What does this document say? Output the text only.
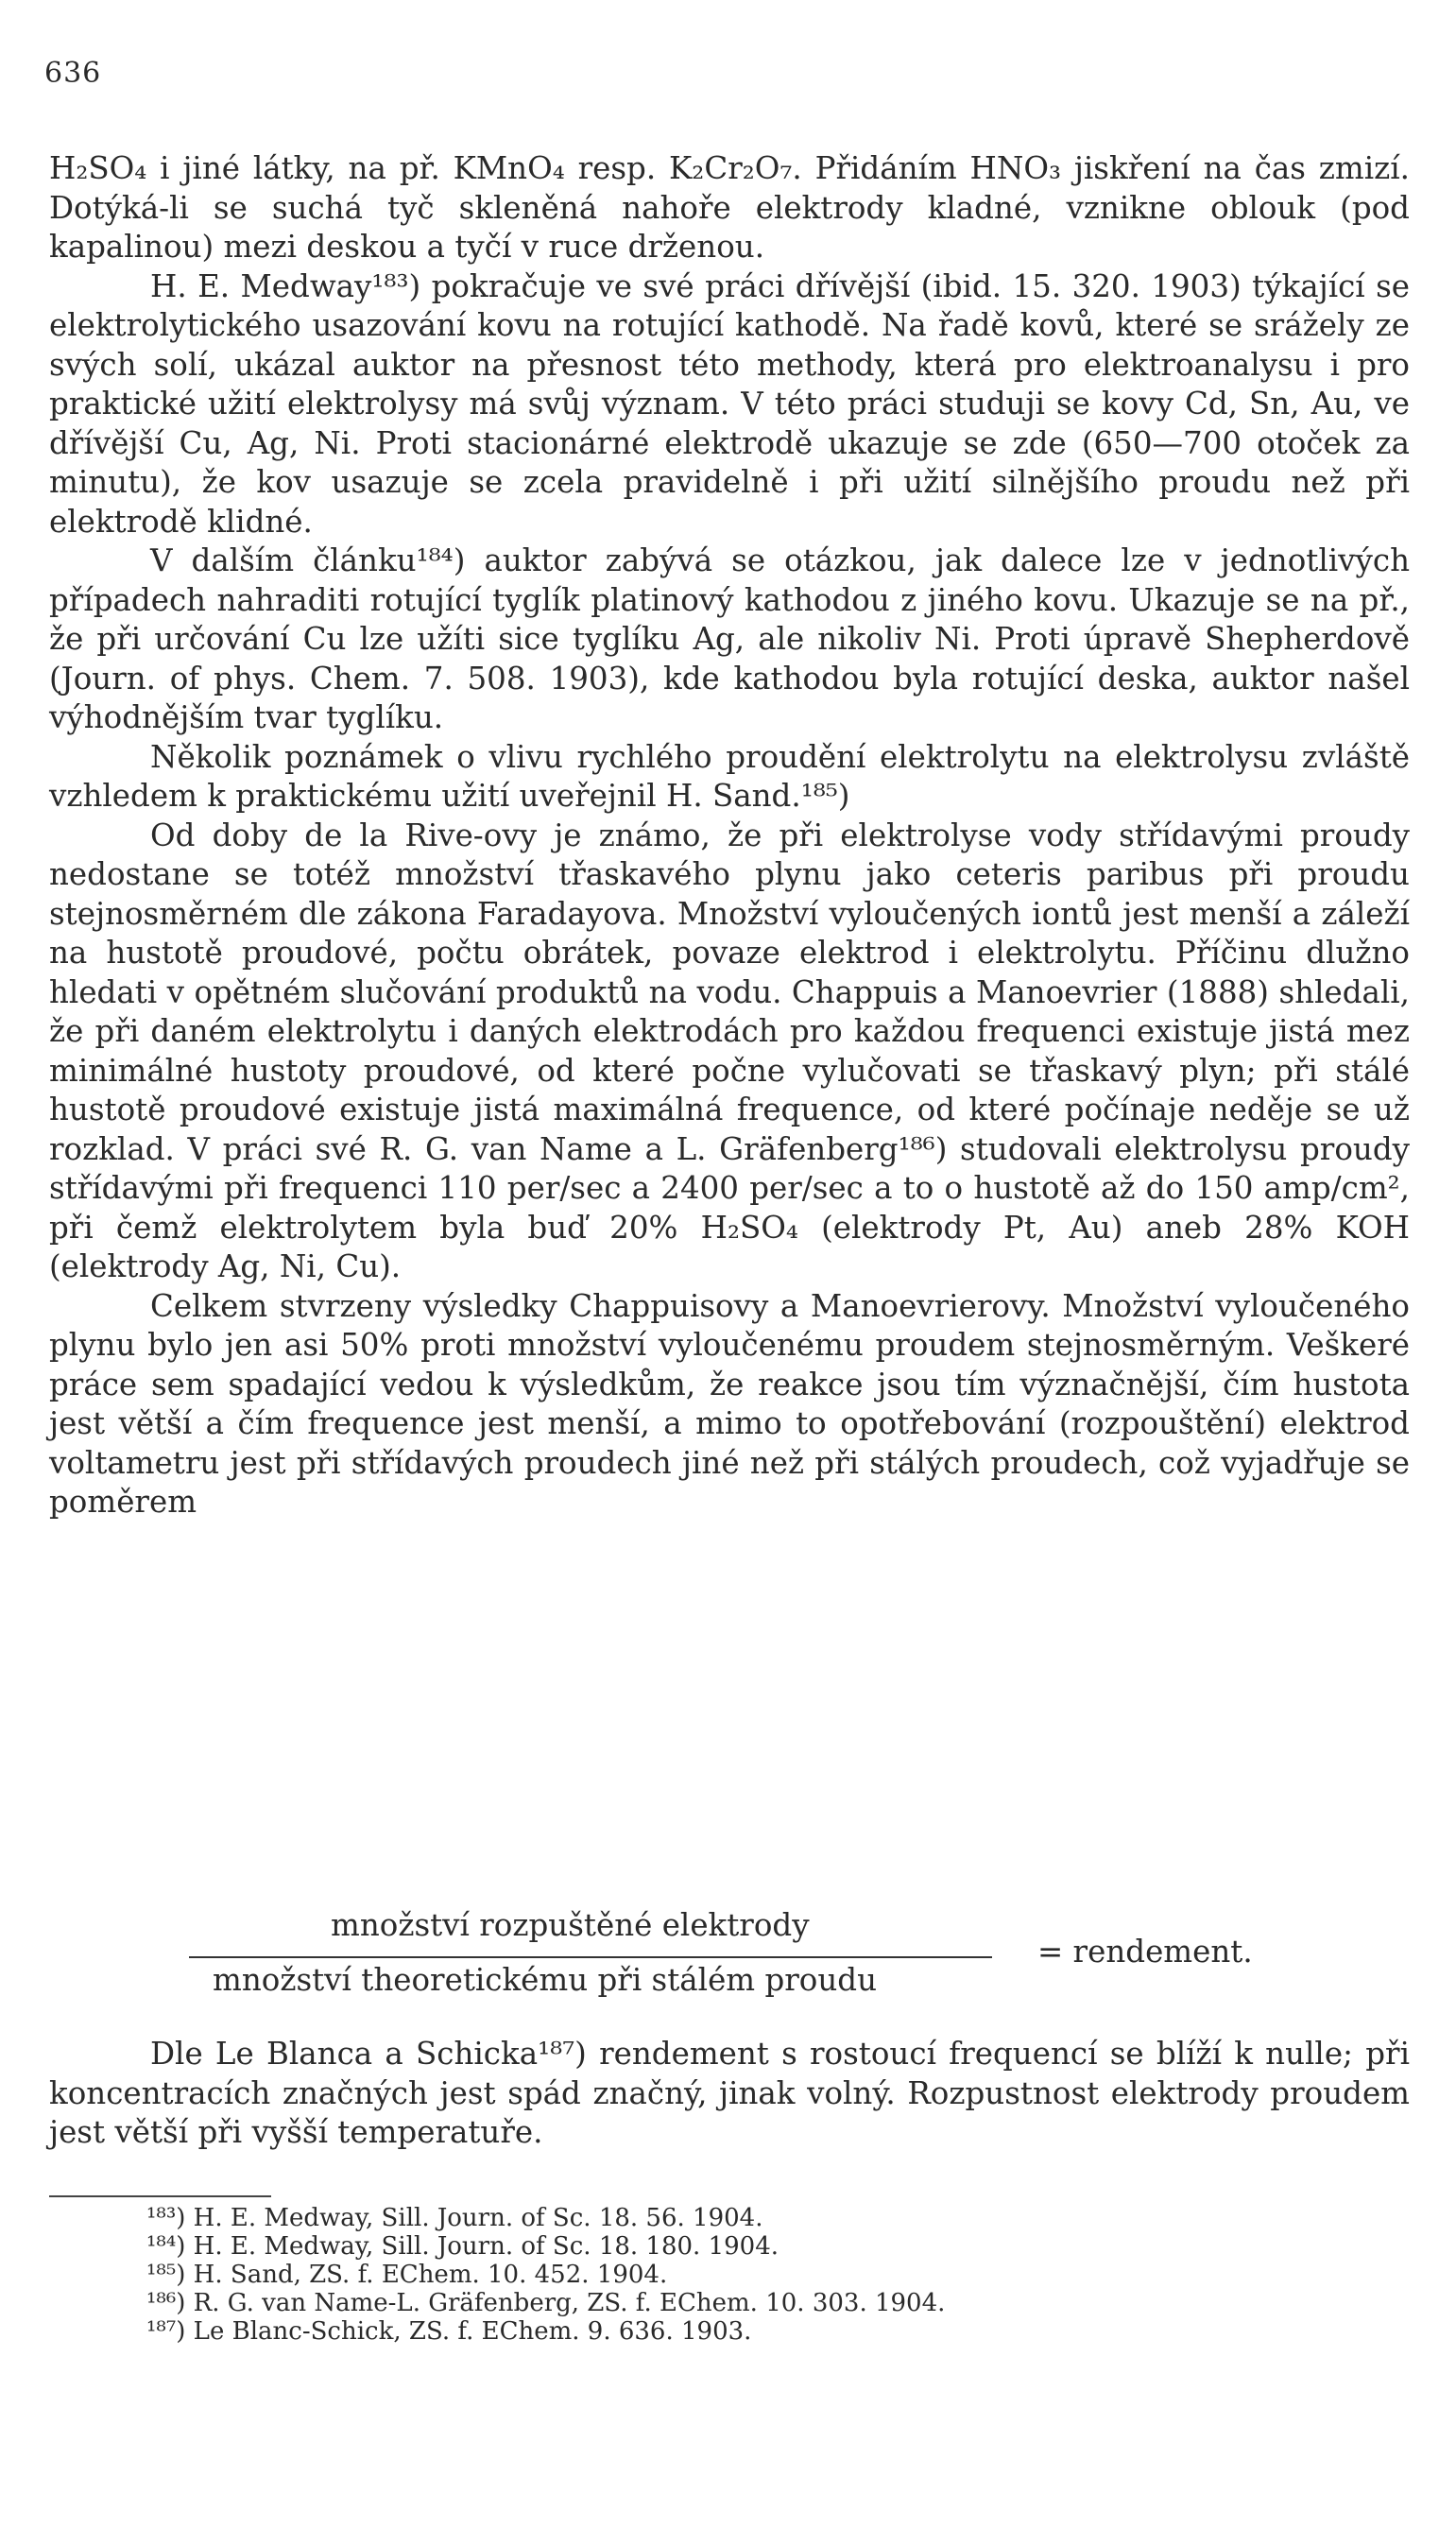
636

H₂SO₄ i jiné látky, na př. KMnO₄ resp. K₂Cr₂O₇. Přidáním HNO₃ jiskření na čas zmizí. Dotýká-li se suchá tyč skleněná nahoře elektrody kladné, vznikne oblouk (pod kapalinou) mezi deskou a tyčí v ruce drženou.

H. E. Medway¹⁸³) pokračuje ve své práci dřívější (ibid. 15. 320. 1903) týkající se elektrolytického usazování kovu na rotující kathodě. Na řadě kovů, které se srážely ze svých solí, ukázal auktor na přesnost této methody, která pro elektroanalysu i pro praktické užití elektrolysy má svůj význam. V této práci studuji se kovy Cd, Sn, Au, ve dřívější Cu, Ag, Ni. Proti stacionárné elektrodě ukazuje se zde (650—700 otoček za minutu), že kov usazuje se zcela pravidelně i při užití silnějšího proudu než při elektrodě klidné.

V dalším článku¹⁸⁴) auktor zabývá se otázkou, jak dalece lze v jednotlivých případech nahraditi rotující tyglík platinový kathodou z jiného kovu. Ukazuje se na př., že při určování Cu lze užíti sice tyglíku Ag, ale nikoliv Ni. Proti úpravě Shepherdově (Journ. of phys. Chem. 7. 508. 1903), kde kathodou byla rotující deska, auktor našel výhodnějším tvar tyglíku.

Několik poznámek o vlivu rychlého proudění elektrolytu na elektrolysu zvláště vzhledem k praktickému užití uveřejnil H. Sand.¹⁸⁵)

Od doby de la Rive-ovy je známo, že při elektrolyse vody střídavými proudy nedostane se totéž množství třaskavého plynu jako ceteris paribus při proudu stejnosměrném dle zákona Faradayova. Množství vyloučených iontů jest menší a záleží na hustotě proudové, počtu obrátek, povaze elektrod i elektrolytu. Příčinu dlužno hledati v opětném slučování produktů na vodu. Chappuis a Manoevrier (1888) shledali, že při daném elektrolytu i daných elektrodách pro každou frequenci existuje jistá mez minimálné hustoty proudové, od které počne vylučovati se třaskavý plyn; při stálé hustotě proudové existuje jistá maximálná frequence, od které počínaje neděje se už rozklad. V práci své R. G. van Name a L. Gräfenberg¹⁸⁶) studovali elektrolysu proudy střídavými při frequenci 110 per/sec a 2400 per/sec a to o hustotě až do 150 amp/cm², při čemž elektrolytem byla buď 20% H₂SO₄ (elektrody Pt, Au) aneb 28% KOH (elektrody Ag, Ni, Cu).

Celkem stvrzeny výsledky Chappuisovy a Manoevrierovy. Množství vyloučeného plynu bylo jen asi 50% proti množství vyloučenému proudem stejnosměrným. Veškeré práce sem spadající vedou k výsledkům, že reakce jsou tím význačnější, čím hustota jest větší a čím frequence jest menší, a mimo to opotřebování (rozpouštění) elektrod voltametru jest při střídavých proudech jiné než při stálých proudech, což vyjadřuje se poměrem

množství rozpuštěné elektrody
množství theoretickému při stálém proudu
= rendement.

Dle Le Blanca a Schicka¹⁸⁷) rendement s rostoucí frequencí se blíží k nulle; při koncentracích značných jest spád značný, jinak volný. Rozpustnost elektrody proudem jest větší při vyšší temperatuře.

¹⁸³) H. E. Medway, Sill. Journ. of Sc. 18. 56. 1904.

¹⁸⁴) H. E. Medway, Sill. Journ. of Sc. 18. 180. 1904.

¹⁸⁵) H. Sand, ZS. f. EChem. 10. 452. 1904.

¹⁸⁶) R. G. van Name-L. Gräfenberg, ZS. f. EChem. 10. 303. 1904.

¹⁸⁷) Le Blanc-Schick, ZS. f. EChem. 9. 636. 1903.
